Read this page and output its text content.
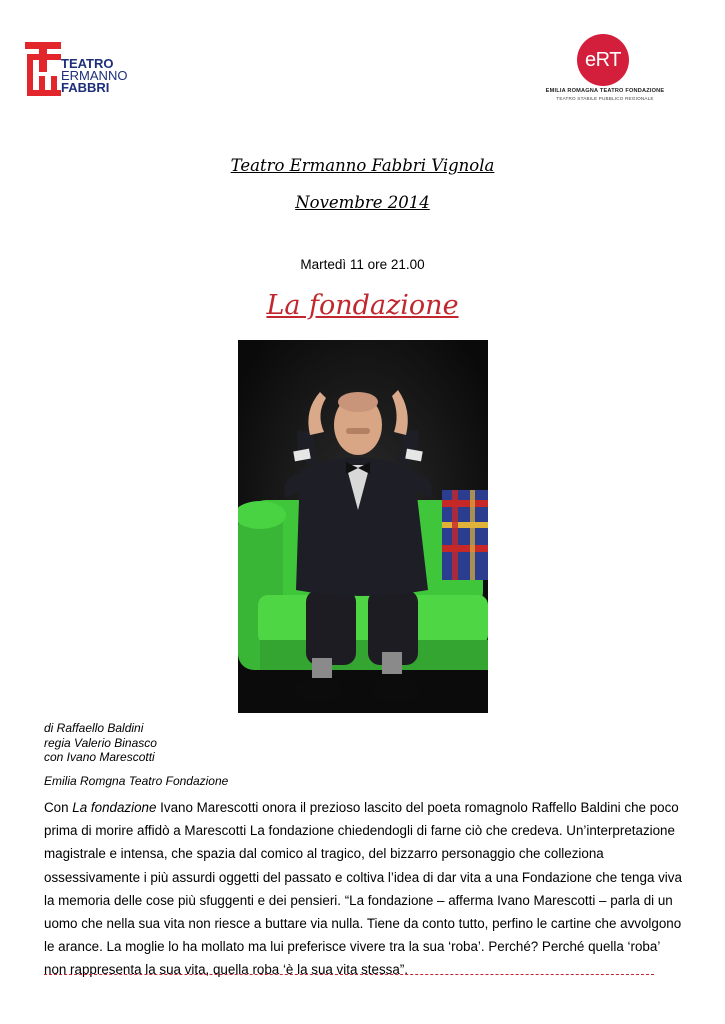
TEATRO
ERMANNO
FABBRI
eRT
EMILIA ROMAGNA TEATRO FONDAZIONE
TEATRO STABILE PUBBLICO REGIONALE
Teatro Ermanno Fabbri Vignola
Novembre 2014
Martedì 11 ore 21.00
La fondazione
di Raffaello Baldini
regia Valerio Binasco
con Ivano Marescotti
Emilia Romgna Teatro Fondazione

Con La fondazione Ivano Marescotti onora il prezioso lascito del poeta romagnolo Raffello Baldini che poco prima di morire affidò a Marescotti La fondazione chiedendogli di farne ciò che credeva. Un’interpretazione magistrale e intensa, che spazia dal comico al tragico, del bizzarro personaggio che colleziona ossessivamente i più assurdi oggetti del passato e coltiva l’idea di dar vita a una Fondazione che tenga viva la memoria delle cose più sfuggenti e dei pensieri. “La fondazione – afferma Ivano Marescotti – parla di un uomo che nella sua vita non riesce a buttare via nulla. Tiene da conto tutto, perfino le cartine che avvolgono le arance. La moglie lo ha mollato ma lui preferisce vivere tra la sua ‘roba’. Perché? Perché quella ‘roba’ non rappresenta la sua vita, quella roba ‘è la sua vita stessa”.
